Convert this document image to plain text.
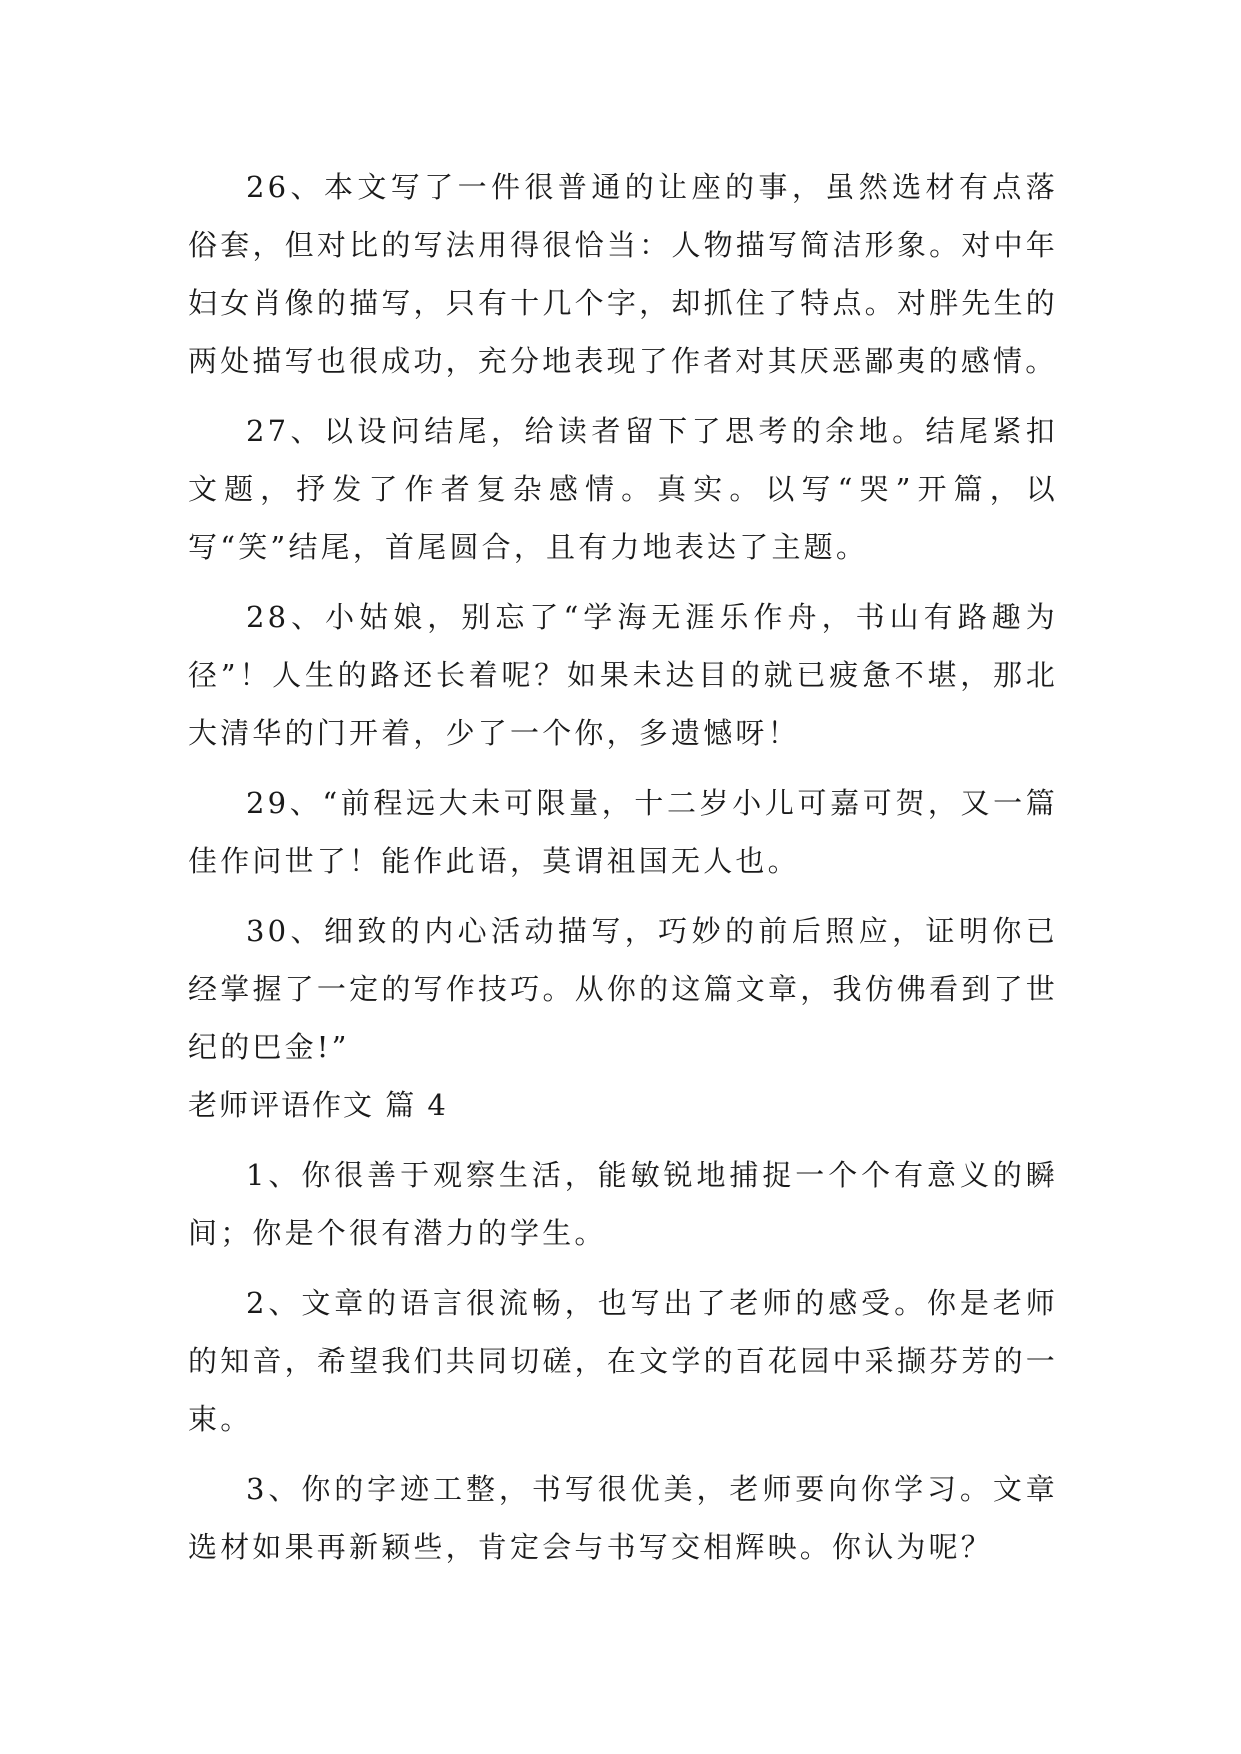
26、本文写了一件很普通的让座的事，虽然选材有点落俗套，但对比的写法用得很恰当：人物描写简洁形象。对中年妇女肖像的描写，只有十几个字，却抓住了特点。对胖先生的两处描写也很成功，充分地表现了作者对其厌恶鄙夷的感情。

27、以设问结尾，给读者留下了思考的余地。结尾紧扣文题，抒发了作者复杂感情。真实。以写“哭”开篇，以写“笑”结尾，首尾圆合，且有力地表达了主题。

28、小姑娘，别忘了“学海无涯乐作舟，书山有路趣为径”！人生的路还长着呢？如果未达目的就已疲惫不堪，那北大清华的门开着，少了一个你，多遗憾呀！

29、“前程远大未可限量，十二岁小儿可嘉可贺，又一篇佳作问世了！能作此语，莫谓祖国无人也。

30、细致的内心活动描写，巧妙的前后照应，证明你已经掌握了一定的写作技巧。从你的这篇文章，我仿佛看到了世纪的巴金!”

老师评语作文 篇 4

1、你很善于观察生活，能敏锐地捕捉一个个有意义的瞬间；你是个很有潜力的学生。

2、文章的语言很流畅，也写出了老师的感受。你是老师的知音，希望我们共同切磋，在文学的百花园中采撷芬芳的一束。

3、你的字迹工整，书写很优美，老师要向你学习。文章选材如果再新颖些，肯定会与书写交相辉映。你认为呢？
